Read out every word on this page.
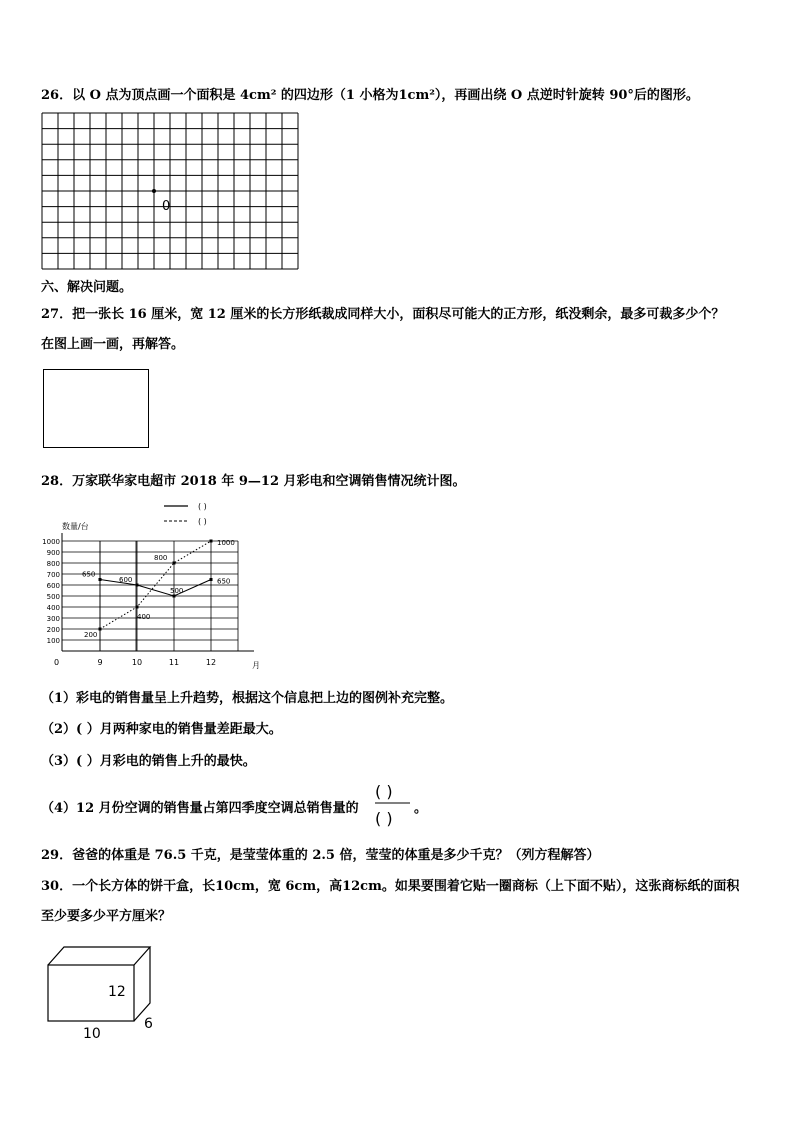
26．以 O 点为顶点画一个面积是 4cm² 的四边形（1 小格为1cm²），再画出绕 O 点逆时针旋转 90°后的图形。
0
六、解决问题。
27．把一张长 16 厘米，宽 12 厘米的长方形纸裁成同样大小，面积尽可能大的正方形，纸没剩余，最多可裁多少个？
在图上画一画，再解答。
28．万家联华家电超市 2018 年 9—12 月彩电和空调销售情况统计图。
( )
( )
数量/台
月
0
100
200
300
400
500
600
700
800
900
1000
9	10	11	12
650
600
500
650
200
400
800
1000
（1）彩电的销售量呈上升趋势，根据这个信息把上边的图例补充完整。
（2）( ）月两种家电的销售量差距最大。
（3）( ）月彩电的销售上升的最快。
（4）12 月份空调的销售量占第四季度空调总销售量的
( )
( )
。
29．爸爸的体重是 76.5 千克，是莹莹体重的 2.5 倍，莹莹的体重是多少千克？（列方程解答）
30．一个长方体的饼干盒，长10cm，宽 6cm，高12cm。如果要围着它贴一圈商标（上下面不贴），这张商标纸的面积
至少要多少平方厘米？
12
10
6
